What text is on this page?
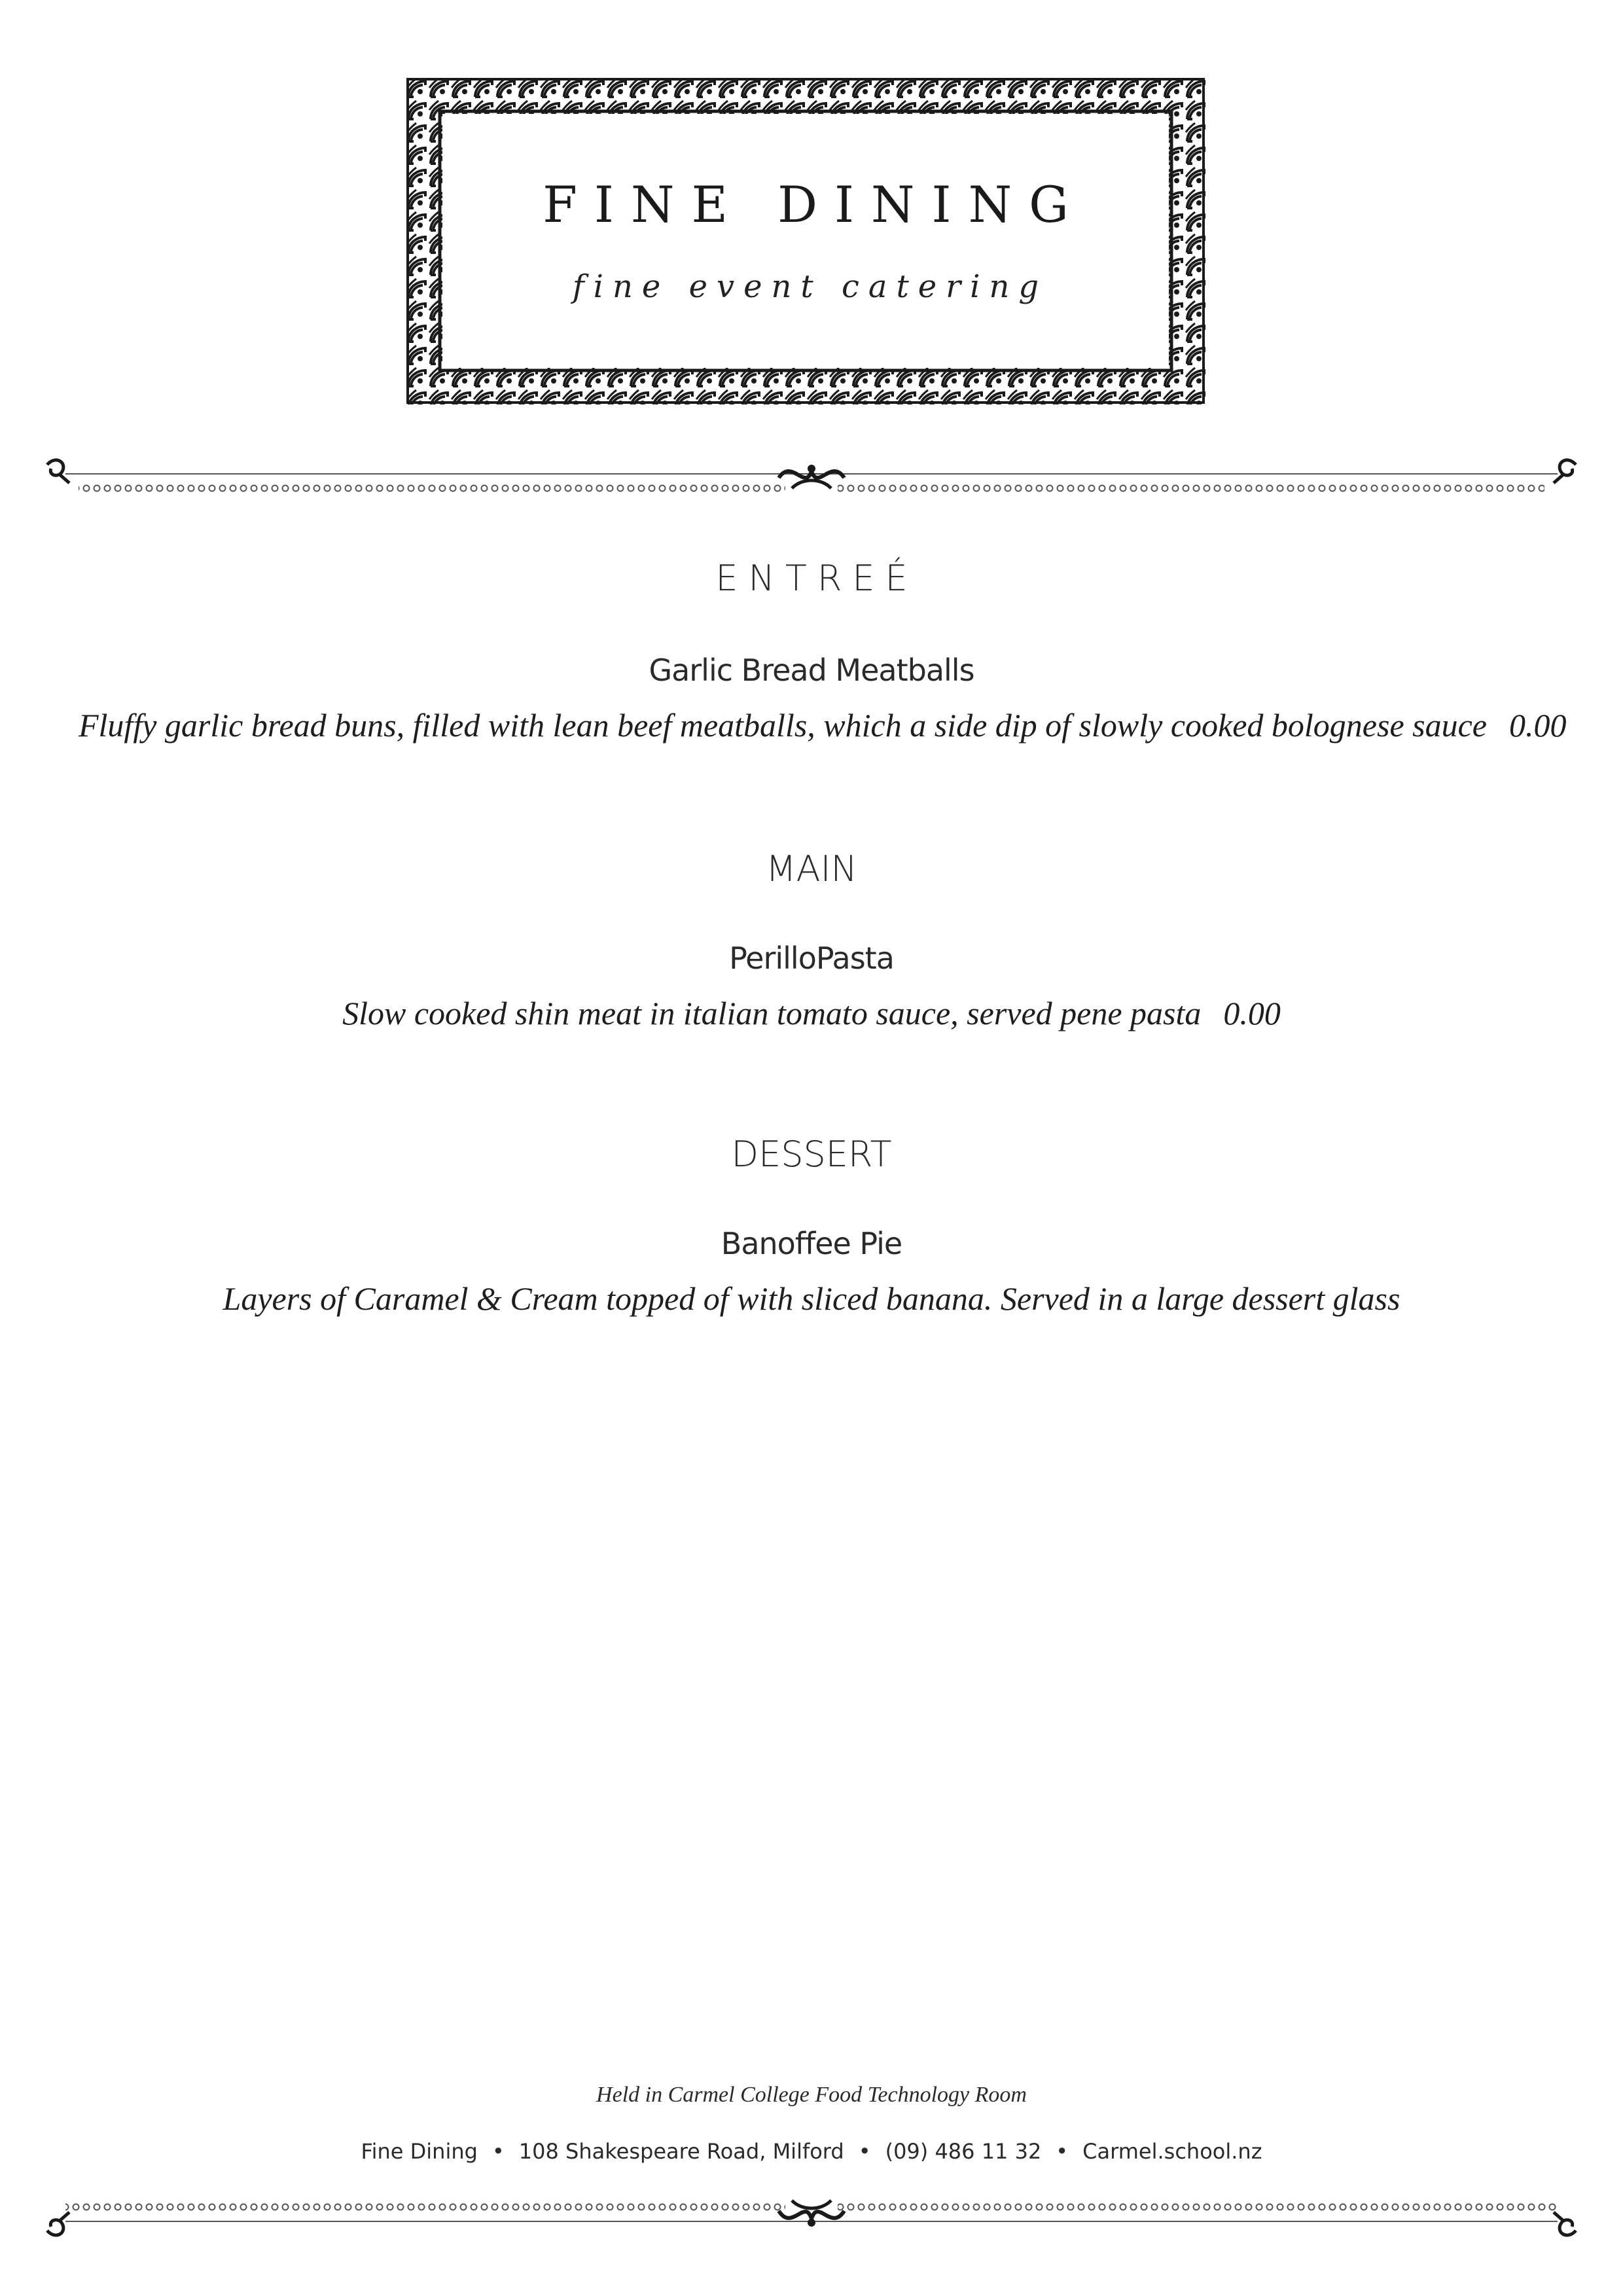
FINE DINING
fine event catering
ENTREÉ
Garlic Bread Meatballs
Fluffy garlic bread buns, filled with lean beef meatballs, which a side dip of slowly cooked bolognese sauce 0.00
MAIN
PerilloPasta
Slow cooked shin meat in italian tomato sauce, served pene pasta 0.00
DESSERT
Banoffee Pie
Layers of Caramel & Cream topped of with sliced banana. Served in a large dessert glass
Held in Carmel College Food Technology Room
Fine Dining • 108 Shakespeare Road, Milford • (09) 486 11 32 • Carmel.school.nz
